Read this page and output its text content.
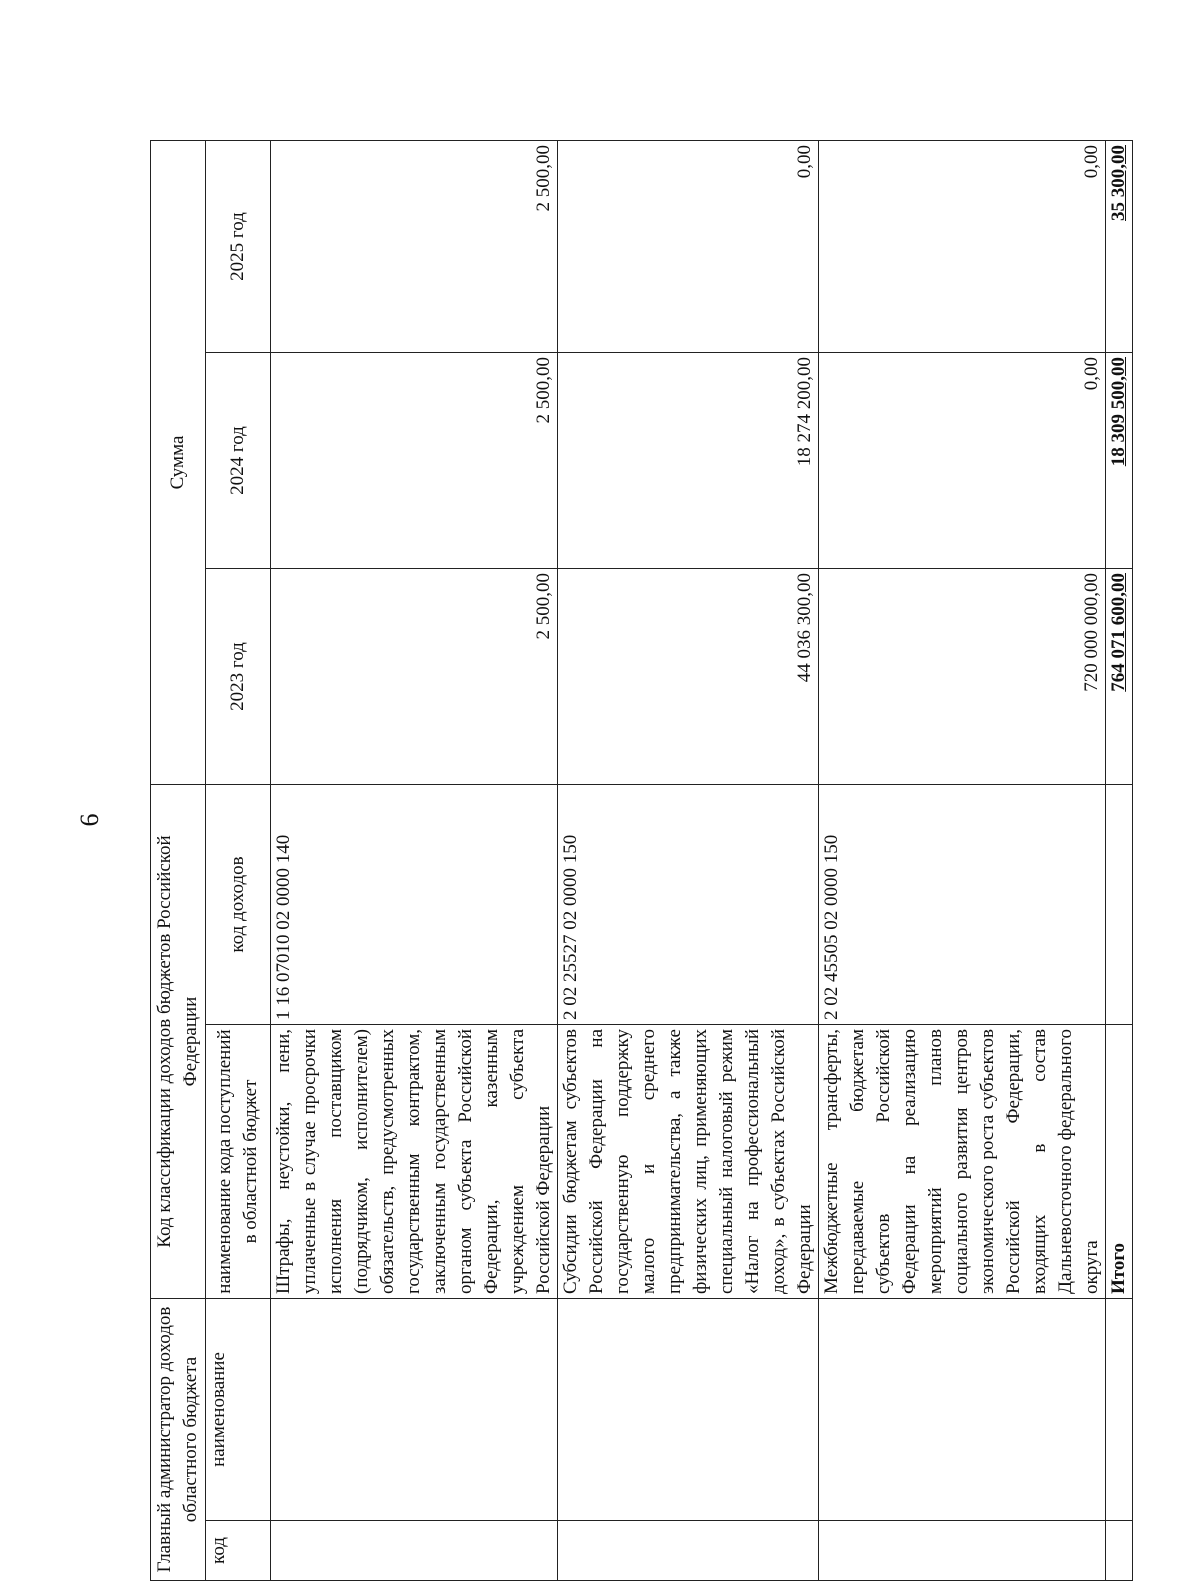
6
Главный администратор доходов областного бюджета		Код классификации доходов бюджетов Российской Федерации		Сумма		
код	наименование	наименование кода поступлений в областной бюджет	код доходов			
				2023 год	2024 год	2025 год
		Штрафы, неустойки, пени, уплаченные в случае просрочки исполнения поставщиком (подрядчиком, исполнителем) обязательств, предусмотренных государственным контрактом, заключенным государственным органом субъекта Российской Федерации, казенным учреждением субъекта Российской Федерации	1 16 07010 02 0000 140	2 500,00	2 500,00	2 500,00
		Субсидии бюджетам субъектов Российской Федерации на государственную поддержку малого и среднего предпринимательства, а также физических лиц, применяющих специальный налоговый режим «Налог на профессиональный доход», в субъектах Российской Федерации	2 02 25527 02 0000 150	44 036 300,00	18 274 200,00	0,00
		Межбюджетные трансферты, передаваемые бюджетам субъектов Российской Федерации на реализацию мероприятий планов социального развития центров экономического роста субъектов Российской Федерации, входящих в состав Дальневосточного федерального округа	2 02 45505 02 0000 150	720 000 000,00	0,00	0,00
		Итого		764 071 600,00	18 309 500,00	35 300,00
